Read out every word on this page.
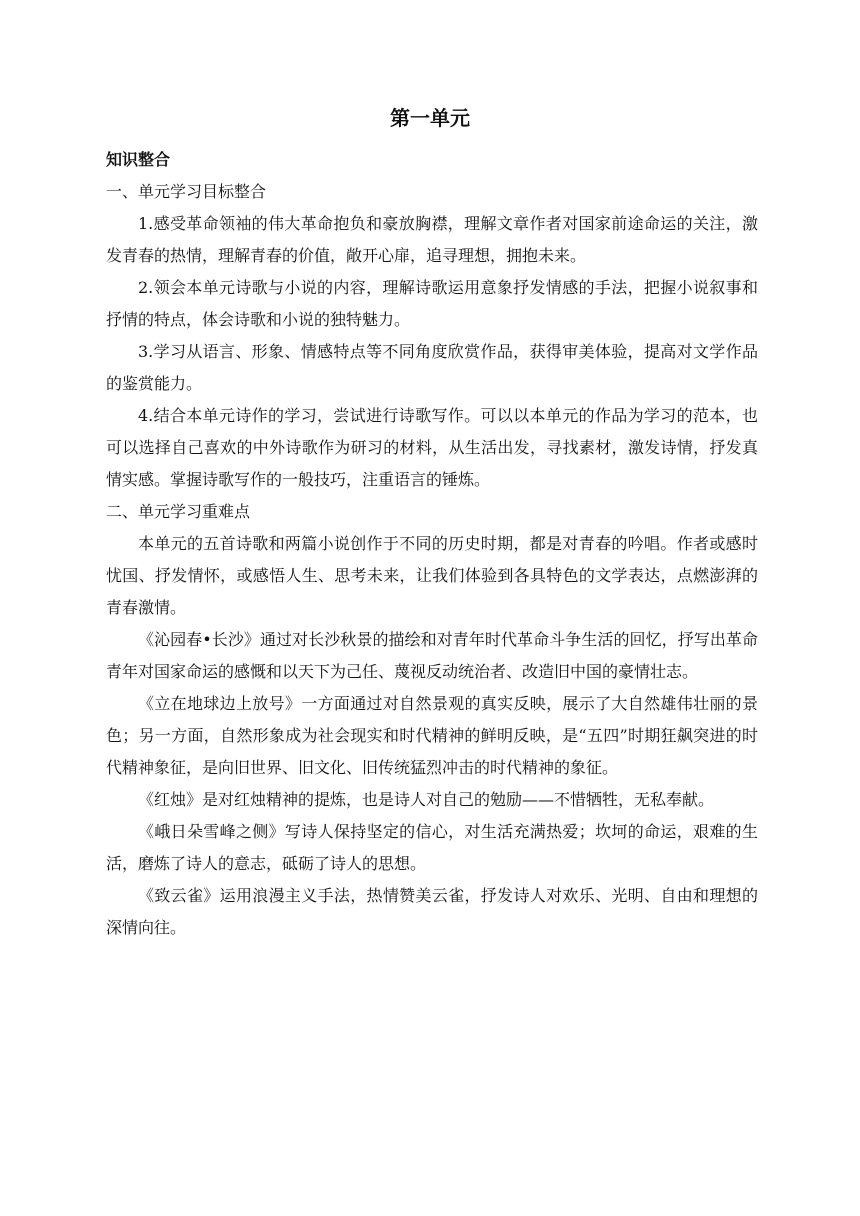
第一单元

知识整合

一、单元学习目标整合

1.感受革命领袖的伟大革命抱负和豪放胸襟，理解文章作者对国家前途命运的关注，激发青春的热情，理解青春的价值，敞开心扉，追寻理想，拥抱未来。

2.领会本单元诗歌与小说的内容，理解诗歌运用意象抒发情感的手法，把握小说叙事和抒情的特点，体会诗歌和小说的独特魅力。

3.学习从语言、形象、情感特点等不同角度欣赏作品，获得审美体验，提高对文学作品的鉴赏能力。

4.结合本单元诗作的学习，尝试进行诗歌写作。可以以本单元的作品为学习的范本，也可以选择自己喜欢的中外诗歌作为研习的材料，从生活出发，寻找素材，激发诗情，抒发真情实感。掌握诗歌写作的一般技巧，注重语言的锤炼。

二、单元学习重难点

本单元的五首诗歌和两篇小说创作于不同的历史时期，都是对青春的吟唱。作者或感时忧国、抒发情怀，或感悟人生、思考未来，让我们体验到各具特色的文学表达，点燃澎湃的青春激情。

《沁园春•长沙》通过对长沙秋景的描绘和对青年时代革命斗争生活的回忆，抒写出革命青年对国家命运的感慨和以天下为己任、蔑视反动统治者、改造旧中国的豪情壮志。

《立在地球边上放号》一方面通过对自然景观的真实反映，展示了大自然雄伟壮丽的景色；另一方面，自然形象成为社会现实和时代精神的鲜明反映，是“五四”时期狂飙突进的时代精神象征，是向旧世界、旧文化、旧传统猛烈冲击的时代精神的象征。

《红烛》是对红烛精神的提炼，也是诗人对自己的勉励——不惜牺牲，无私奉献。

《峨日朵雪峰之侧》写诗人保持坚定的信心，对生活充满热爱；坎坷的命运，艰难的生活，磨炼了诗人的意志，砥砺了诗人的思想。

《致云雀》运用浪漫主义手法，热情赞美云雀，抒发诗人对欢乐、光明、自由和理想的深情向往。
